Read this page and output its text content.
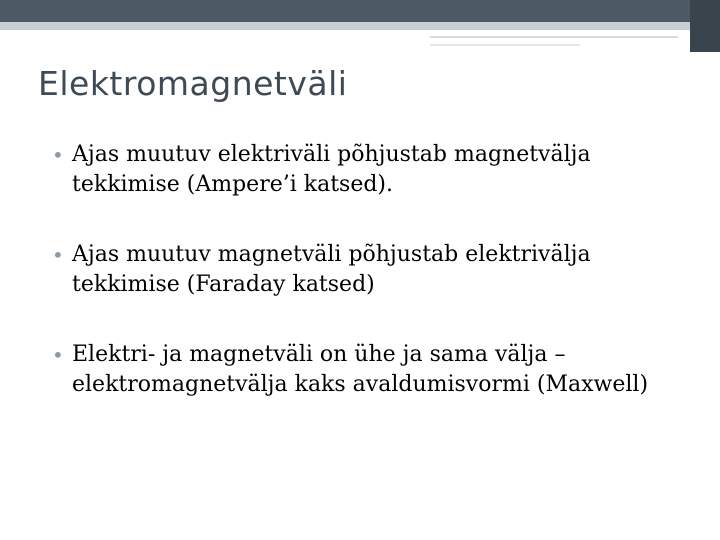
Elektromagnetväli
• Ajas muutuv elektriväli põhjustab magnetvälja tekkimise (Ampere’i katsed).
• Ajas muutuv magnetväli põhjustab elektrivälja tekkimise (Faraday katsed)
• Elektri- ja magnetväli on ühe ja sama välja – elektromagnetvälja kaks avaldumisvormi (Maxwell)
